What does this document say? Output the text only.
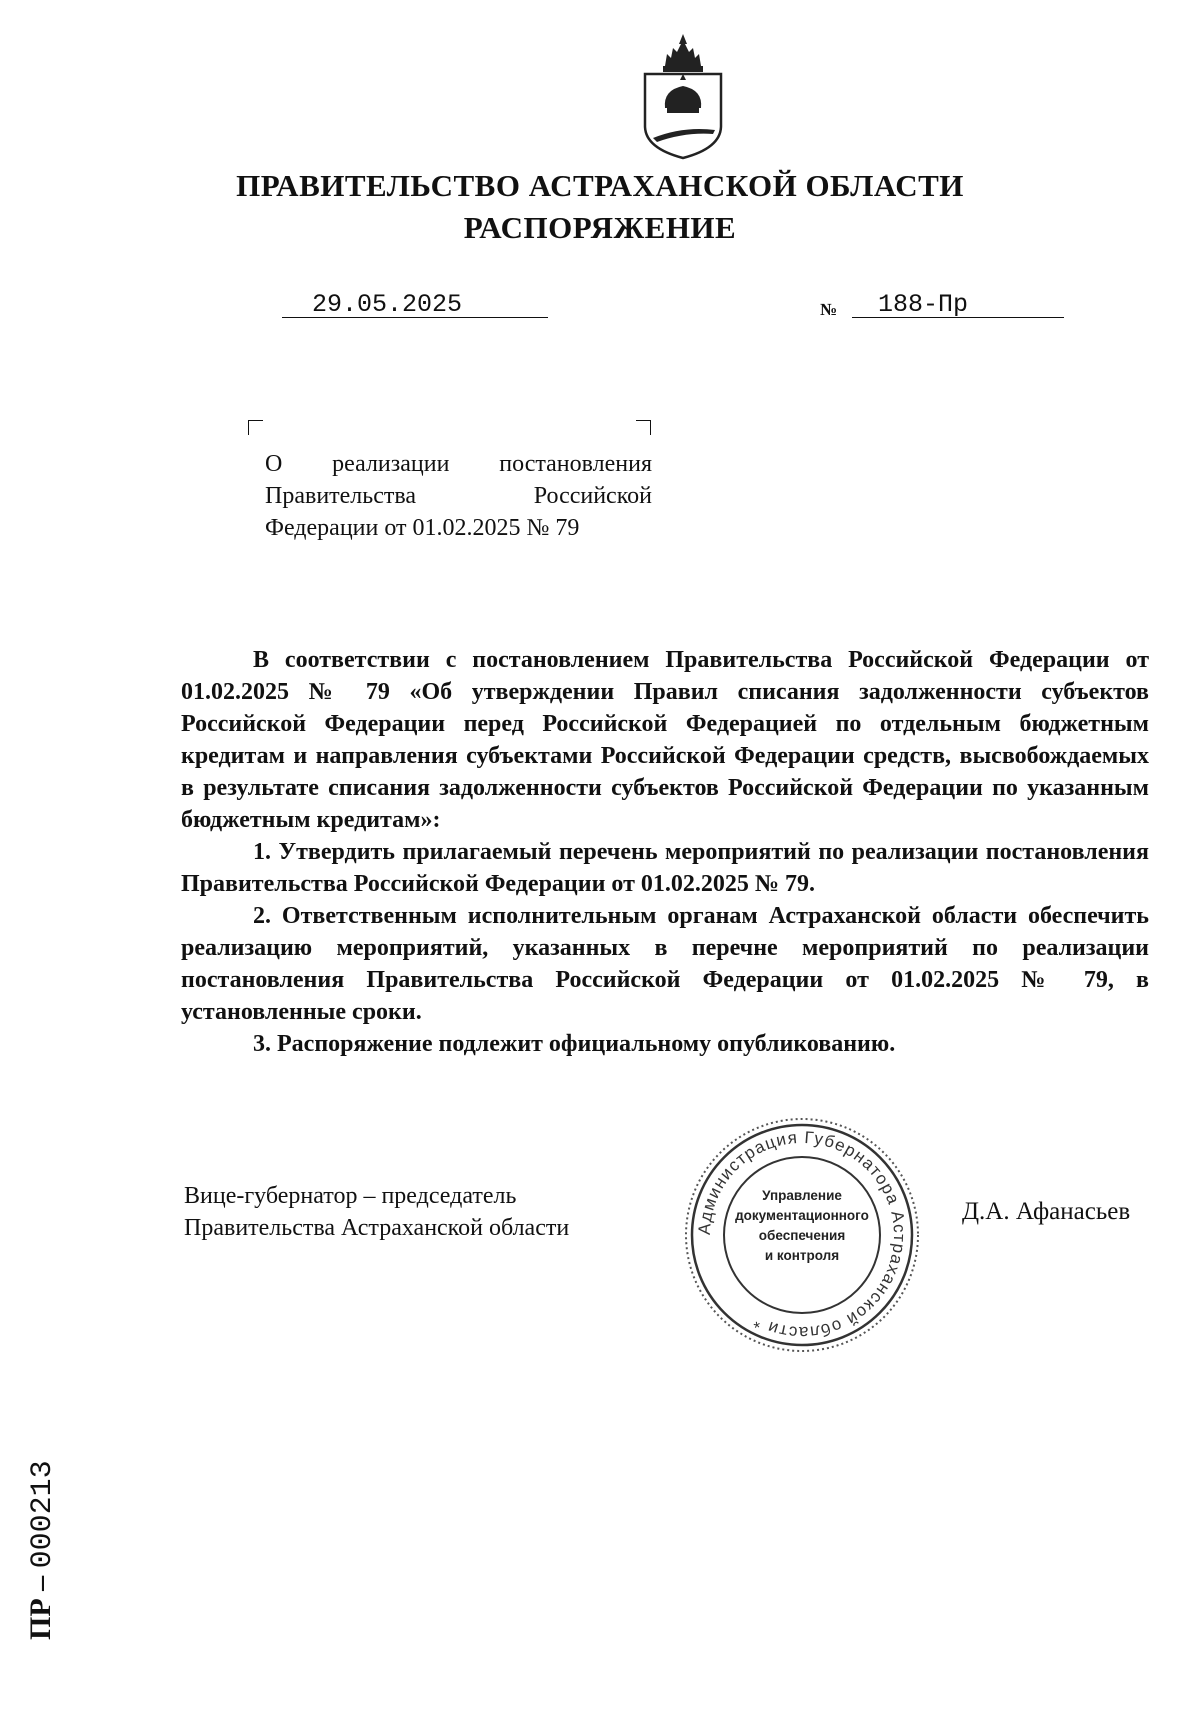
ПРАВИТЕЛЬСТВО АСТРАХАНСКОЙ ОБЛАСТИ
РАСПОРЯЖЕНИЕ
29.05.2025	№ 188-Пр
О реализации постановления Правительства Российской Федерации от 01.02.2025 № 79

В соответствии с постановлением Правительства Российской Федерации от 01.02.2025 № 79 «Об утверждении Правил списания задолженности субъектов Российской Федерации перед Российской Федерацией по отдельным бюджетным кредитам и направления субъектами Российской Федерации средств, высвобождаемых в результате списания задолженности субъектов Российской Федерации по указанным бюджетным кредитам»:

1. Утвердить прилагаемый перечень мероприятий по реализации постановления Правительства Российской Федерации от 01.02.2025 № 79.

2. Ответственным исполнительным органам Астраханской области обеспечить реализацию мероприятий, указанных в перечне мероприятий по реализации постановления Правительства Российской Федерации от 01.02.2025 № 79, в установленные сроки.

3. Распоряжение подлежит официальному опубликованию.

Вице-губернатор – председатель
Правительства Астраханской области	Администрация Губернатора Астраханской области *
Управление
документационного
обеспечения
и контроля
Д.А. Афанасьев
ПР – 000213
